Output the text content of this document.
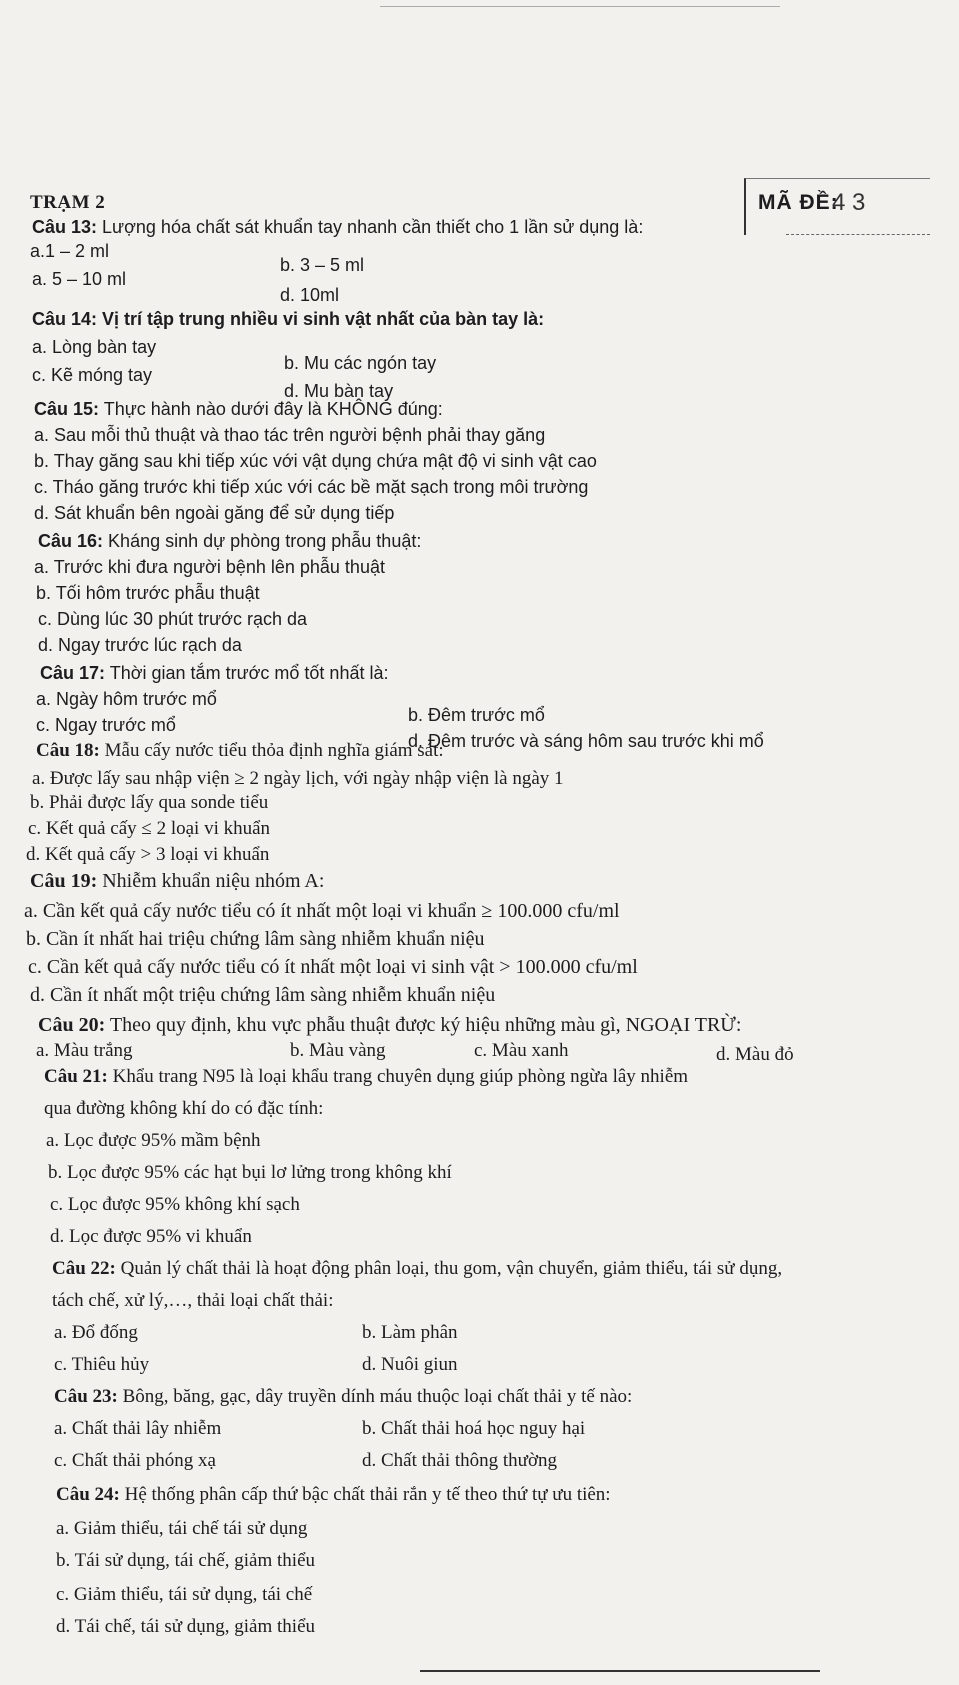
TRẠM 2	MÃ ĐỀ:
4 3
Câu 13: Lượng hóa chất sát khuẩn tay nhanh cần thiết cho 1 lần sử dụng là:
a.1 – 2 ml
b. 3 – 5 ml
a. 5 – 10 ml
d. 10ml
Câu 14: Vị trí tập trung nhiều vi sinh vật nhất của bàn tay là:
a. Lòng bàn tay
b. Mu các ngón tay
c. Kẽ móng tay
d. Mu bàn tay
Câu 15: Thực hành nào dưới đây là KHÔNG đúng:
a. Sau mỗi thủ thuật và thao tác trên người bệnh phải thay găng
b. Thay găng sau khi tiếp xúc với vật dụng chứa mật độ vi sinh vật cao
c. Tháo găng trước khi tiếp xúc với các bề mặt sạch trong môi trường
d. Sát khuẩn bên ngoài găng để sử dụng tiếp
Câu 16: Kháng sinh dự phòng trong phẫu thuật:
a. Trước khi đưa người bệnh lên phẫu thuật
b. Tối hôm trước phẫu thuật
c. Dùng lúc 30 phút trước rạch da
d. Ngay trước lúc rạch da
Câu 17: Thời gian tắm trước mổ tốt nhất là:
a. Ngày hôm trước mổ
b. Đêm trước mổ
c. Ngay trước mổ
d. Đêm trước và sáng hôm sau trước khi mổ
Câu 18: Mẫu cấy nước tiểu thỏa định nghĩa giám sát:
a. Được lấy sau nhập viện ≥ 2 ngày lịch, với ngày nhập viện là ngày 1
b. Phải được lấy qua sonde tiểu
c. Kết quả cấy ≤ 2 loại vi khuẩn
d. Kết quả cấy > 3 loại vi khuẩn
Câu 19: Nhiễm khuẩn niệu nhóm A:
a. Cần kết quả cấy nước tiểu có ít nhất một loại vi khuẩn ≥ 100.000 cfu/ml
b. Cần ít nhất hai triệu chứng lâm sàng nhiễm khuẩn niệu
c. Cần kết quả cấy nước tiểu có ít nhất một loại vi sinh vật > 100.000 cfu/ml
d. Cần ít nhất một triệu chứng lâm sàng nhiễm khuẩn niệu
Câu 20: Theo quy định, khu vực phẫu thuật được ký hiệu những màu gì, NGOẠI TRỪ:
a. Màu trắng	b. Màu vàng	c. Màu xanh	d. Màu đỏ
Câu 21: Khẩu trang N95 là loại khẩu trang chuyên dụng giúp phòng ngừa lây nhiễm
qua đường không khí do có đặc tính:
a. Lọc được 95% mầm bệnh
b. Lọc được 95% các hạt bụi lơ lửng trong không khí
c. Lọc được 95% không khí sạch
d. Lọc được 95% vi khuẩn
Câu 22: Quản lý chất thải là hoạt động phân loại, thu gom, vận chuyển, giảm thiểu, tái sử dụng,
tách chế, xử lý,…, thải loại chất thải:
a. Đổ đống	b. Làm phân
c. Thiêu hủy	d. Nuôi giun
Câu 23: Bông, băng, gạc, dây truyền dính máu thuộc loại chất thải y tế nào:
a. Chất thải lây nhiễm	b. Chất thải hoá học nguy hại
c. Chất thải phóng xạ	d. Chất thải thông thường
Câu 24: Hệ thống phân cấp thứ bậc chất thải rắn y tế theo thứ tự ưu tiên:
a. Giảm thiểu, tái chế tái sử dụng
b. Tái sử dụng, tái chế, giảm thiểu
c. Giảm thiểu, tái sử dụng, tái chế
d. Tái chế, tái sử dụng, giảm thiểu
